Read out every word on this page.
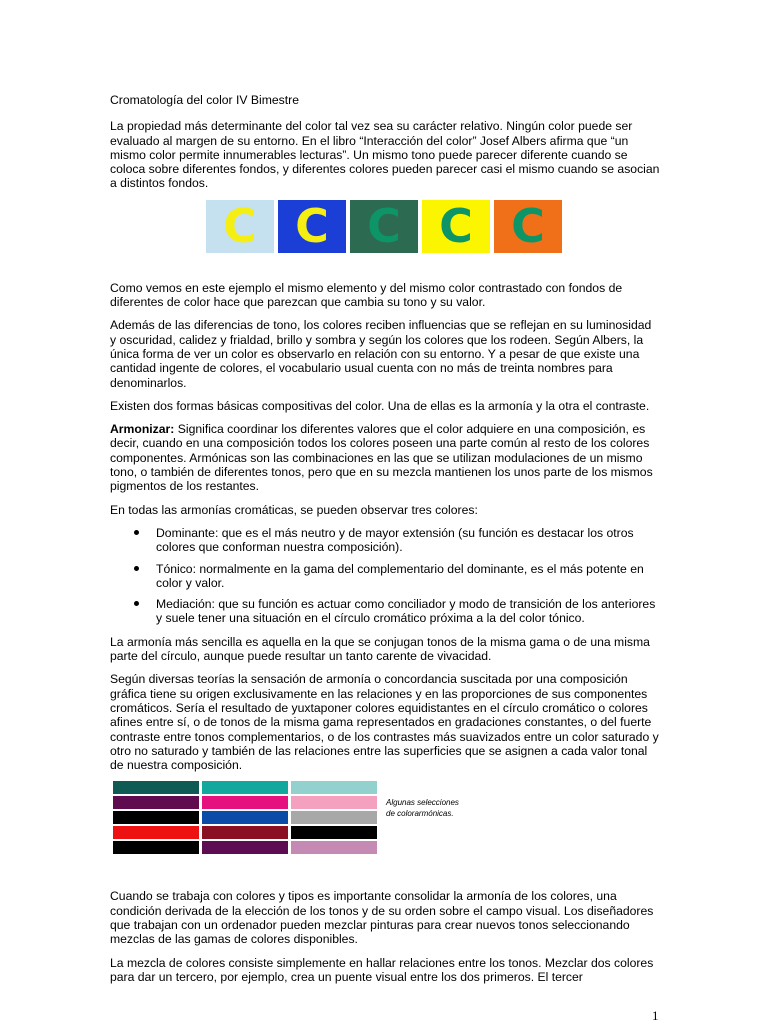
Cromatología del color IV Bimestre

La propiedad más determinante del color tal vez sea su carácter relativo. Ningún color puede ser evaluado al margen de su entorno. En el libro “Interacción del color” Josef Albers afirma que “un mismo color permite innumerables lecturas”. Un mismo tono puede parecer diferente cuando se coloca sobre diferentes fondos, y diferentes colores pueden parecer casi el mismo cuando se asocian a distintos fondos.

C C C C C

Como vemos en este ejemplo el mismo elemento y del mismo color contrastado con fondos de diferentes de color hace que parezcan que cambia su tono y su valor.

Además de las diferencias de tono, los colores reciben influencias que se reflejan en su luminosidad y oscuridad, calidez y frialdad, brillo y sombra y según los colores que los rodeen. Según Albers, la única forma de ver un color es observarlo en relación con su entorno. Y a pesar de que existe una cantidad ingente de colores, el vocabulario usual cuenta con no más de treinta nombres para denominarlos.

Existen dos formas básicas compositivas del color. Una de ellas es la armonía y la otra el contraste.

Armonizar: Significa coordinar los diferentes valores que el color adquiere en una composición, es decir, cuando en una composición todos los colores poseen una parte común al resto de los colores componentes. Armónicas son las combinaciones en las que se utilizan modulaciones de un mismo tono, o también de diferentes tonos, pero que en su mezcla mantienen los unos parte de los mismos pigmentos de los restantes.

En todas las armonías cromáticas, se pueden observar tres colores:

Dominante: que es el más neutro y de mayor extensión (su función es destacar los otros colores que conforman nuestra composición).
Tónico: normalmente en la gama del complementario del dominante, es el más potente en color y valor.
Mediación: que su función es actuar como conciliador y modo de transición de los anteriores y suele tener una situación en el círculo cromático próxima a la del color tónico.

La armonía más sencilla es aquella en la que se conjugan tonos de la misma gama o de una misma parte del círculo, aunque puede resultar un tanto carente de vivacidad.

Según diversas teorías la sensación de armonía o concordancia suscitada por una composición gráfica tiene su origen exclusivamente en las relaciones y en las proporciones de sus componentes cromáticos. Sería el resultado de yuxtaponer colores equidistantes en el círculo cromático o colores afines entre sí, o de tonos de la misma gama representados en gradaciones constantes, o del fuerte contraste entre tonos complementarios, o de los contrastes más suavizados entre un color saturado y otro no saturado y también de las relaciones entre las superficies que se asignen a cada valor tonal de nuestra composición.

Algunas selecciones
de colorarmónicas.

Cuando se trabaja con colores y tipos es importante consolidar la armonía de los colores, una condición derivada de la elección de los tonos y de su orden sobre el campo visual. Los diseñadores que trabajan con un ordenador pueden mezclar pinturas para crear nuevos tonos seleccionando mezclas de las gamas de colores disponibles.

La mezcla de colores consiste simplemente en hallar relaciones entre los tonos. Mezclar dos colores para dar un tercero, por ejemplo, crea un puente visual entre los dos primeros. El tercer

1
